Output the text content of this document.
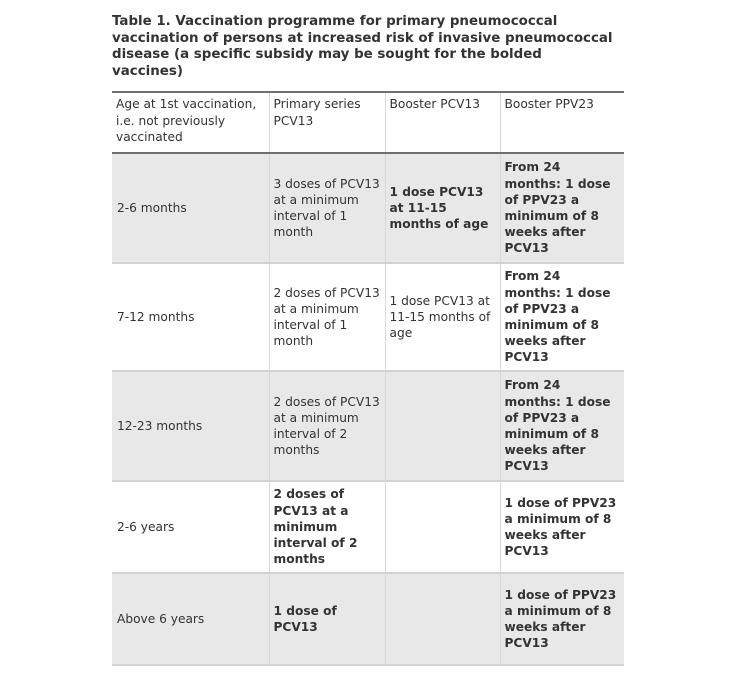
Table 1. Vaccination programme for primary pneumococcal vaccination of persons at increased risk of invasive pneumococcal disease (a specific subsidy may be sought for the bolded vaccines)
Age at 1st vaccination, i.e. not previously vaccinated	Primary series PCV13	Booster PCV13	Booster PPV23
2-6 months	3 doses of PCV13 at a minimum interval of 1 month	1 dose PCV13 at 11-15 months of age	From 24 months: 1 dose of PPV23 a minimum of 8 weeks after PCV13
7-12 months	2 doses of PCV13 at a minimum interval of 1 month	1 dose PCV13 at 11-15 months of age	From 24 months: 1 dose of PPV23 a minimum of 8 weeks after PCV13
12-23 months	2 doses of PCV13 at a minimum interval of 2 months		From 24 months: 1 dose of PPV23 a minimum of 8 weeks after PCV13
2-6 years	2 doses of PCV13 at a minimum interval of 2 months		1 dose of PPV23 a minimum of 8 weeks after PCV13
Above 6 years	1 dose of PCV13		1 dose of PPV23 a minimum of 8 weeks after PCV13
